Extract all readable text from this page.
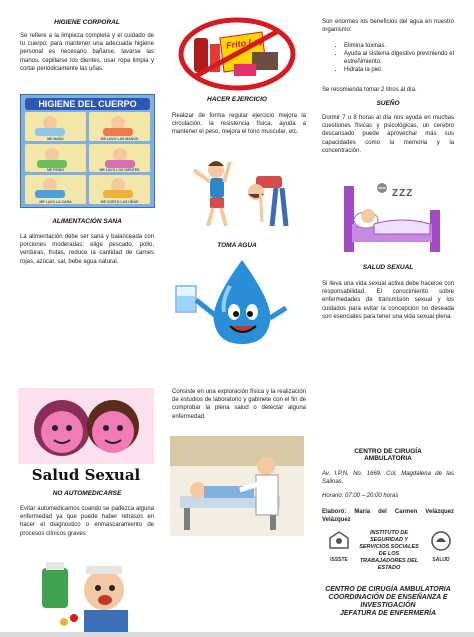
HIGIENE CORPORAL
Se refiere a la limpieza completa y el cuidado de tu cuerpo; para mantener una adecuada higiene personal es necesario bañarse, lavarse las manos, cepillarse los dientes, usar ropa limpia y cortar periódicamente las uñas.
HIGIENE DEL CUERPO
ME BAÑO	ME LAVO LAS MANOS
ME PEINO	ME LAVO LOS DIENTES
ME LAVO LA CARA	ME CORTO LAS UÑAS
ALIMENTACIÓN SANA
La alimentación debe ser sana y balanceada con porciones moderadas; elige pescado, pollo, verduras, frutas, reduce la cantidad de carnes rojas, azúcar, sal, bebe agua natural.
Salud Sexual
NO AUTOMEDICARSE
Evitar automedicamos cuando se padezca alguna enfermedad ya que puede haber retrasos en hacer el diagnostico o enmascaramiento de procesos clínicos graves
Frito Lay
HACER EJERCICIO
Realizar de forma regular ejercicio mejora la circulación, la resistencia física, ayuda a mantener el peso, mejora el tono muscular, etc.
TOMA AGUA
Consiste en una exploración física y la realización de estudios de laboratorio y gabinete con el fin de comprobar la plena salud o detectar alguna enfermedad.
Son enormes los beneficios del agua en nuestro organismo:
• Elimina toxinas.
• Ayuda al sistema digestivo previniendo el estreñimiento.
• Hidrata la piel.
Se recomienda tomar 2 litros al día.
SUEÑO
Dormir 7 u 8 horas al día nos ayuda en muchas cuestiones físicas y psicológicas, un cerebro descansado puede aprovechar más sus capacidades como la memoria y la concentración.
ZZZ
SALUD SEXUAL
Si lleva una vida sexual activa debe hacerse con responsabilidad. El conocimiento sobre enfermedades de transmisión sexual y los cuidados para evitar la concepción no deseada son esenciales para tener una vida sexual plena.
CENTRO DE CIRUGÍA AMBULATORIA
Av. I.P.N. No. 1669. Col. Magdalena de las Salinas.
Horario: 07:00 – 20:00 horas
Elaboró: María del Carmen Velázquez Velázquez
ISSSTE
INSTITUTO DE SEGURIDAD Y SERVICIOS SOCIALES DE LOS TRABAJADORES DEL ESTADO
SALUD
CENTRO DE CIRUGÍA AMBULATORIA
COORDINACIÓN DE ENSEÑANZA E INVESTIGACIÓN
JEFATURA DE ENFERMERÍA
